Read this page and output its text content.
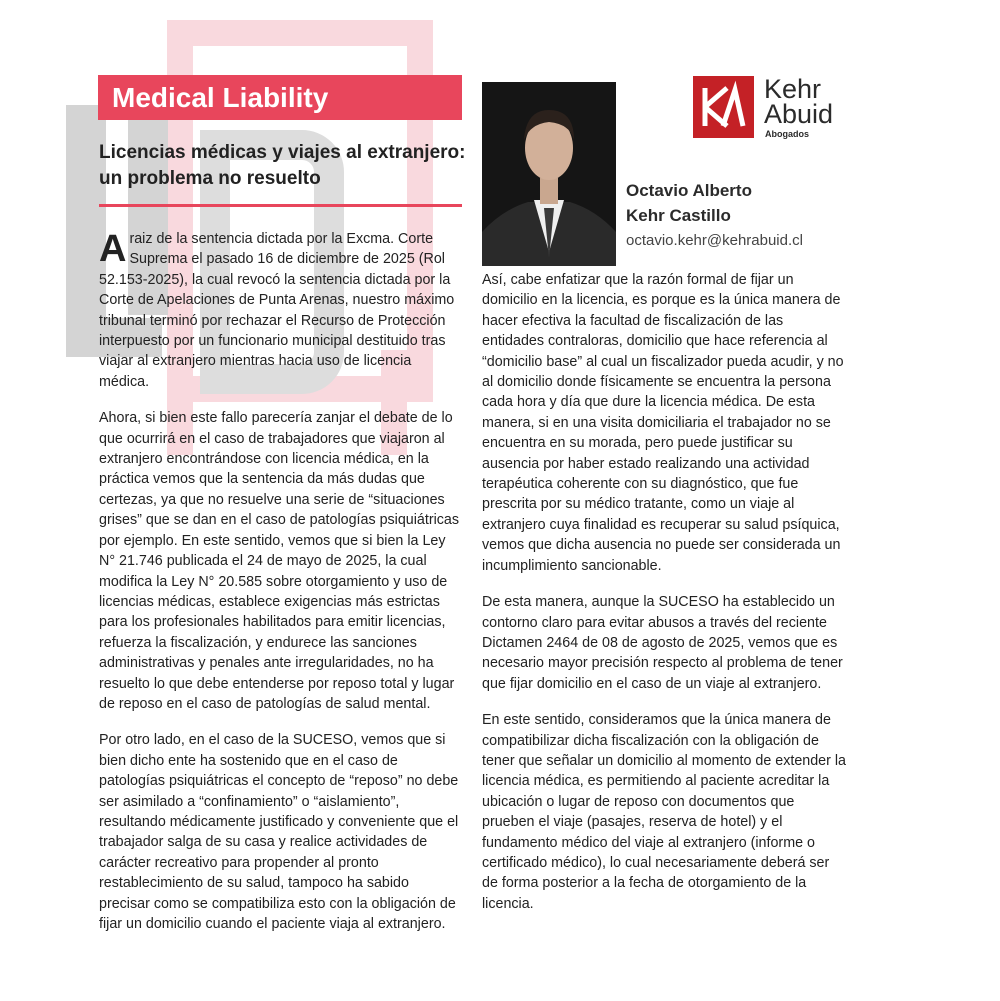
Medical Liability
Licencias médicas y viajes al extranjero: un problema no resuelto

Araiz de la sentencia dictada por la Excma. Corte Suprema el pasado 16 de diciembre de 2025 (Rol 52.153-2025), la cual revocó la sentencia dictada por la Corte de Apelaciones de Punta Arenas, nuestro máximo tribunal terminó por rechazar el Recurso de Protección interpuesto por un funcionario municipal destituido tras viajar al extranjero mientras hacia uso de licencia médica.

Ahora, si bien este fallo parecería zanjar el debate de lo que ocurrirá en el caso de trabajadores que viajaron al extranjero encontrándose con licencia médica, en la práctica vemos que la sentencia da más dudas que certezas, ya que no resuelve una serie de “situaciones grises” que se dan en el caso de patologías psiquiátricas por ejemplo. En este sentido, vemos que si bien la Ley N° 21.746 publicada el 24 de mayo de 2025, la cual modifica la Ley N° 20.585 sobre otorgamiento y uso de licencias médicas, establece exigencias más estrictas para los profesionales habilitados para emitir licencias, refuerza la fiscalización, y endurece las sanciones administrativas y penales ante irregularidades, no ha resuelto lo que debe entenderse por reposo total y lugar de reposo en el caso de patologías de salud mental.

Por otro lado, en el caso de la SUCESO, vemos que si bien dicho ente ha sostenido que en el caso de patologías psiquiátricas el concepto de “reposo” no debe ser asimilado a “confinamiento” o “aislamiento”, resultando médicamente justificado y conveniente que el trabajador salga de su casa y realice actividades de carácter recreativo para propender al pronto restablecimiento de su salud, tampoco ha sabido precisar como se compatibiliza esto con la obligación de fijar un domicilio cuando el paciente viaja al extranjero.

Kehr
Abuid
Abogados
Octavio Alberto
Kehr Castillo
octavio.kehr@kehrabuid.cl

Así, cabe enfatizar que la razón formal de fijar un domicilio en la licencia, es porque es la única manera de hacer efectiva la facultad de fiscalización de las entidades contraloras, domicilio que hace referencia al “domicilio base” al cual un fiscalizador pueda acudir, y no al domicilio donde físicamente se encuentra la persona cada hora y día que dure la licencia médica. De esta manera, si en una visita domiciliaria el trabajador no se encuentra en su morada, pero puede justificar su ausencia por haber estado realizando una actividad terapéutica coherente con su diagnóstico, que fue prescrita por su médico tratante, como un viaje al extranjero cuya finalidad es recuperar su salud psíquica, vemos que dicha ausencia no puede ser considerada un incumplimiento sancionable.

De esta manera, aunque la SUCESO ha establecido un contorno claro para evitar abusos a través del reciente Dictamen 2464 de 08 de agosto de 2025, vemos que es necesario mayor precisión respecto al problema de tener que fijar domicilio en el caso de un viaje al extranjero.

En este sentido, consideramos que la única manera de compatibilizar dicha fiscalización con la obligación de tener que señalar un domicilio al momento de extender la licencia médica, es permitiendo al paciente acreditar la ubicación o lugar de reposo con documentos que prueben el viaje (pasajes, reserva de hotel) y el fundamento médico del viaje al extranjero (informe o certificado médico), lo cual necesariamente deberá ser de forma posterior a la fecha de otorgamiento de la licencia.
